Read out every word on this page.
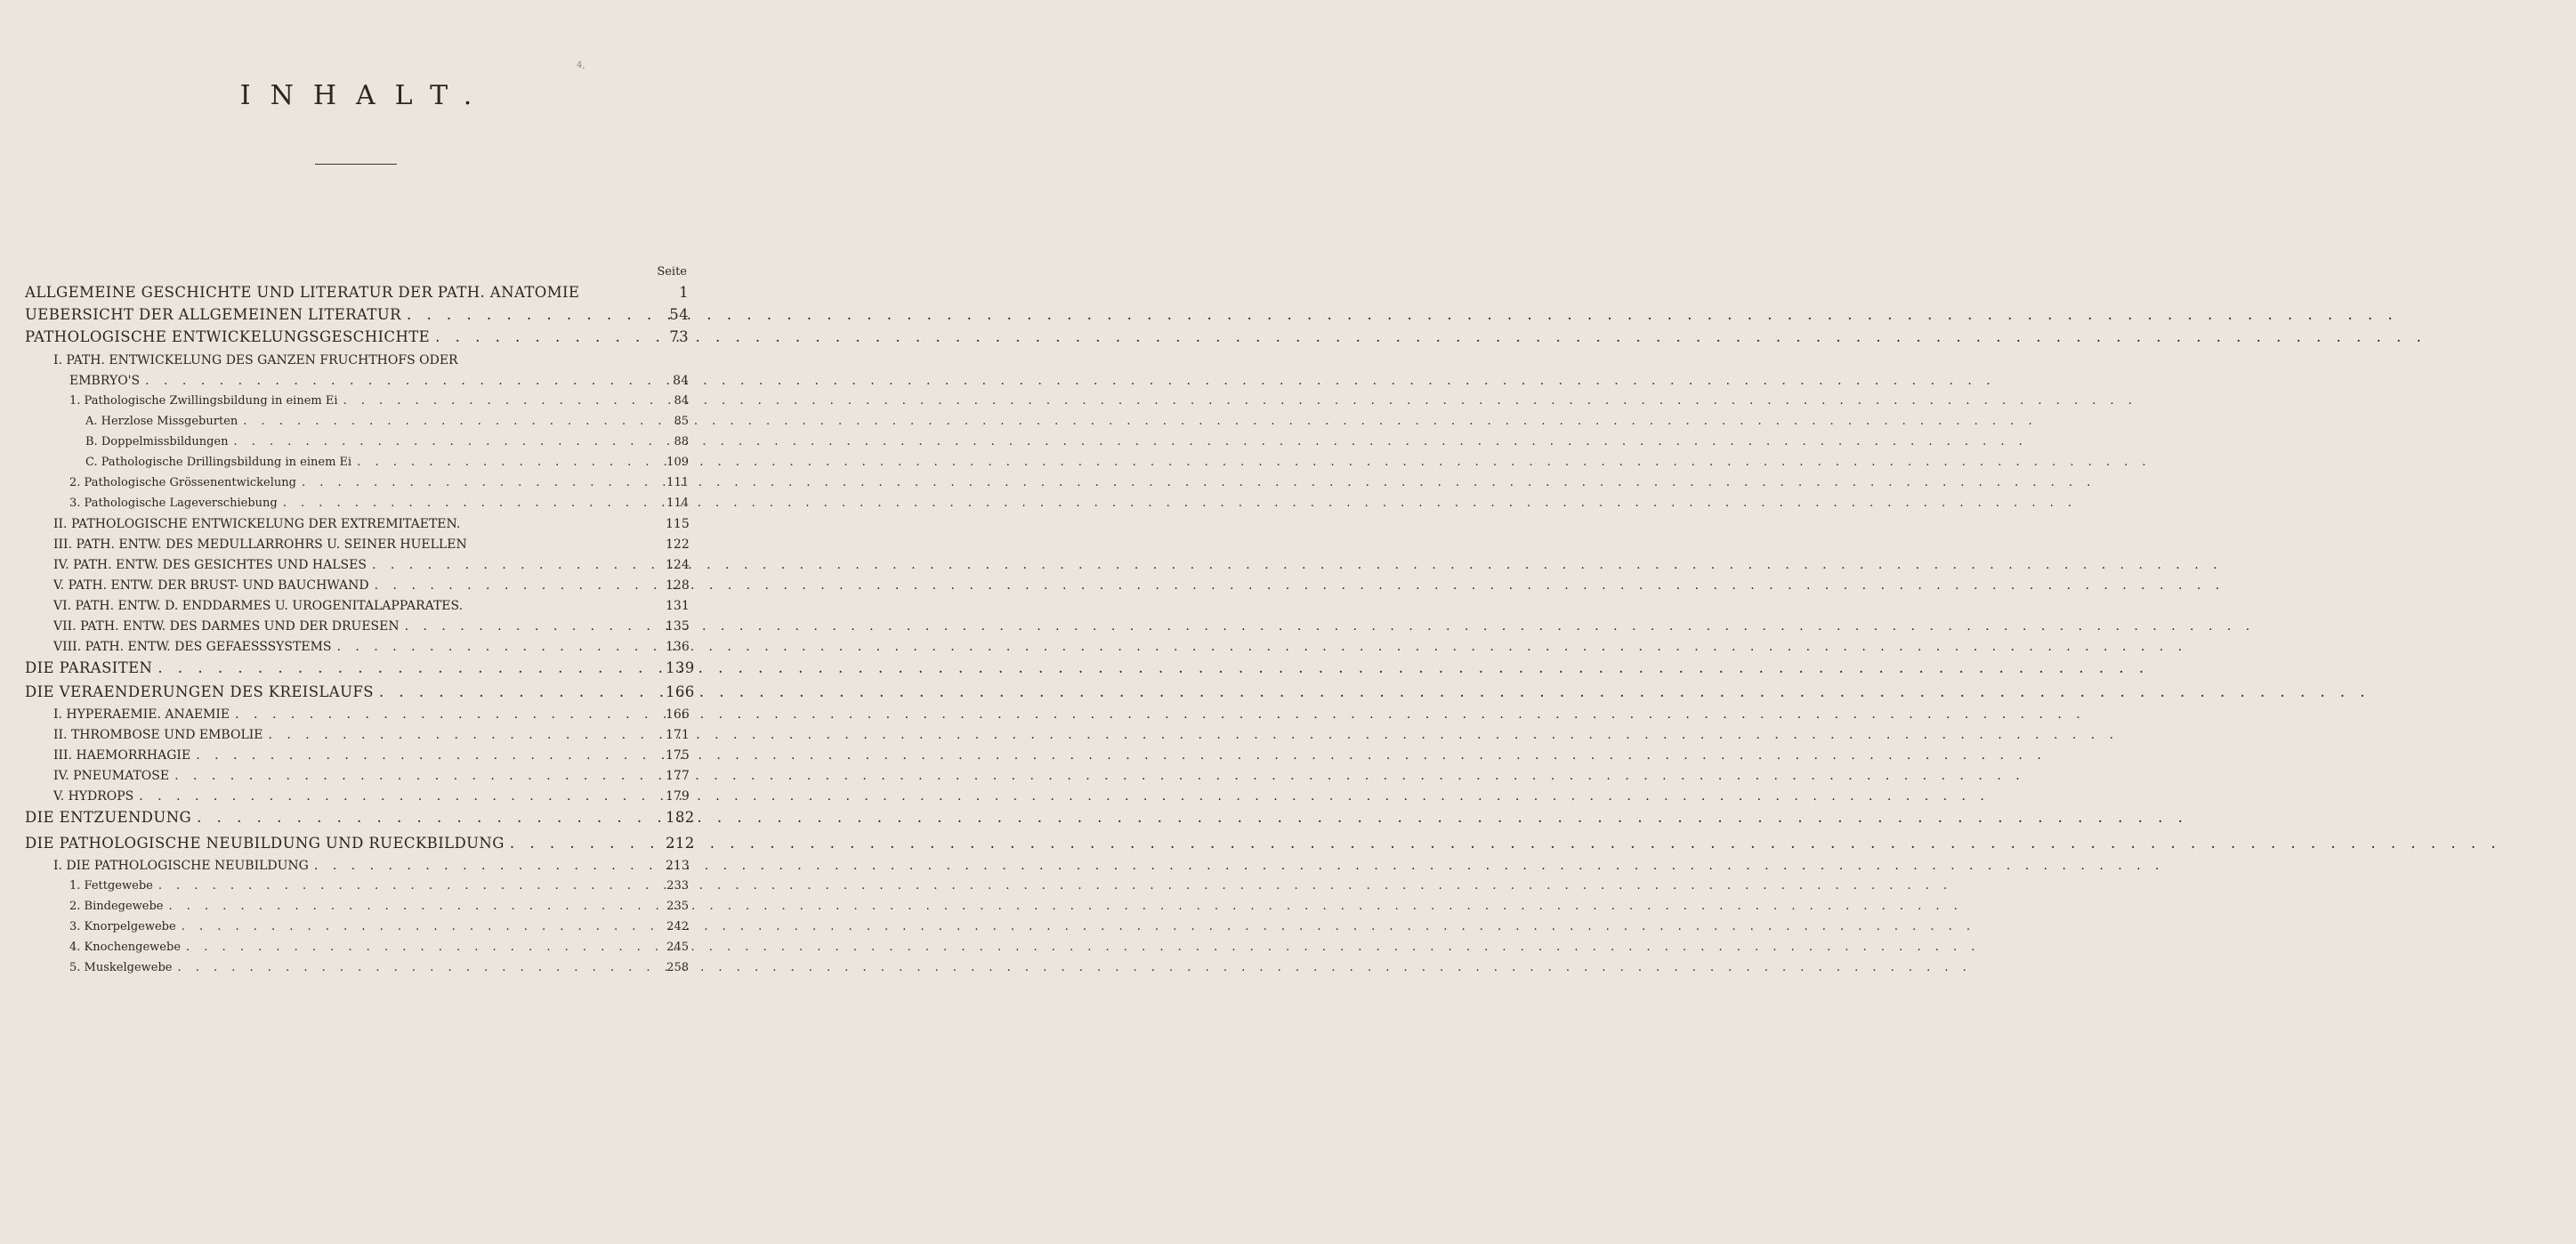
4,
INHALT.
Seite
ALLGEMEINE GESCHICHTE UND LITERATUR DER PATH. ANATOMIE	1
UEBERSICHT DER ALLGEMEINEN LITERATUR . . .	54
PATHOLOGISCHE ENTWICKELUNGSGESCHICHTE . . .	73
I. PATH. ENTWICKELUNG DES GANZEN FRUCHTHOFS ODER
EMBRYO'S . . .	84
1. Pathologische Zwillingsbildung in einem Ei . . .	84
A. Herzlose Missgeburten . . .	85
B. Doppelmissbildungen . . .	88
C. Pathologische Drillingsbildung in einem Ei . . .	109
2. Pathologische Grössenentwickelung . . .	111
3. Pathologische Lageverschiebung . . .	114
II. PATHOLOGISCHE ENTWICKELUNG DER EXTREMITAETEN.	115
III. PATH. ENTW. DES MEDULLARROHRS U. SEINER HUELLEN	122
IV. PATH. ENTW. DES GESICHTES UND HALSES . . .	124
V. PATH. ENTW. DER BRUST- UND BAUCHWAND . . .	128
VI. PATH. ENTW. D. ENDDARMES U. UROGENITALAPPARATES.	131
VII. PATH. ENTW. DES DARMES UND DER DRUESEN . . .	135
VIII. PATH. ENTW. DES GEFAESSSYSTEMS . . .	136
DIE PARASITEN . . .	139
DIE VERAENDERUNGEN DES KREISLAUFS . . .	166
I. HYPERAEMIE. ANAEMIE . . .	166
II. THROMBOSE UND EMBOLIE . . .	171
III. HAEMORRHAGIE . . .	175
IV. PNEUMATOSE . . .	177
V. HYDROPS . . .	179
DIE ENTZUENDUNG . . .	182
DIE PATHOLOGISCHE NEUBILDUNG UND RUECKBILDUNG . . .	212
I. DIE PATHOLOGISCHE NEUBILDUNG . . .	213
1. Fettgewebe . . .	233
2. Bindegewebe . . .	235
3. Knorpelgewebe . . .	242
4. Knochengewebe . . .	245
5. Muskelgewebe . . .	258
